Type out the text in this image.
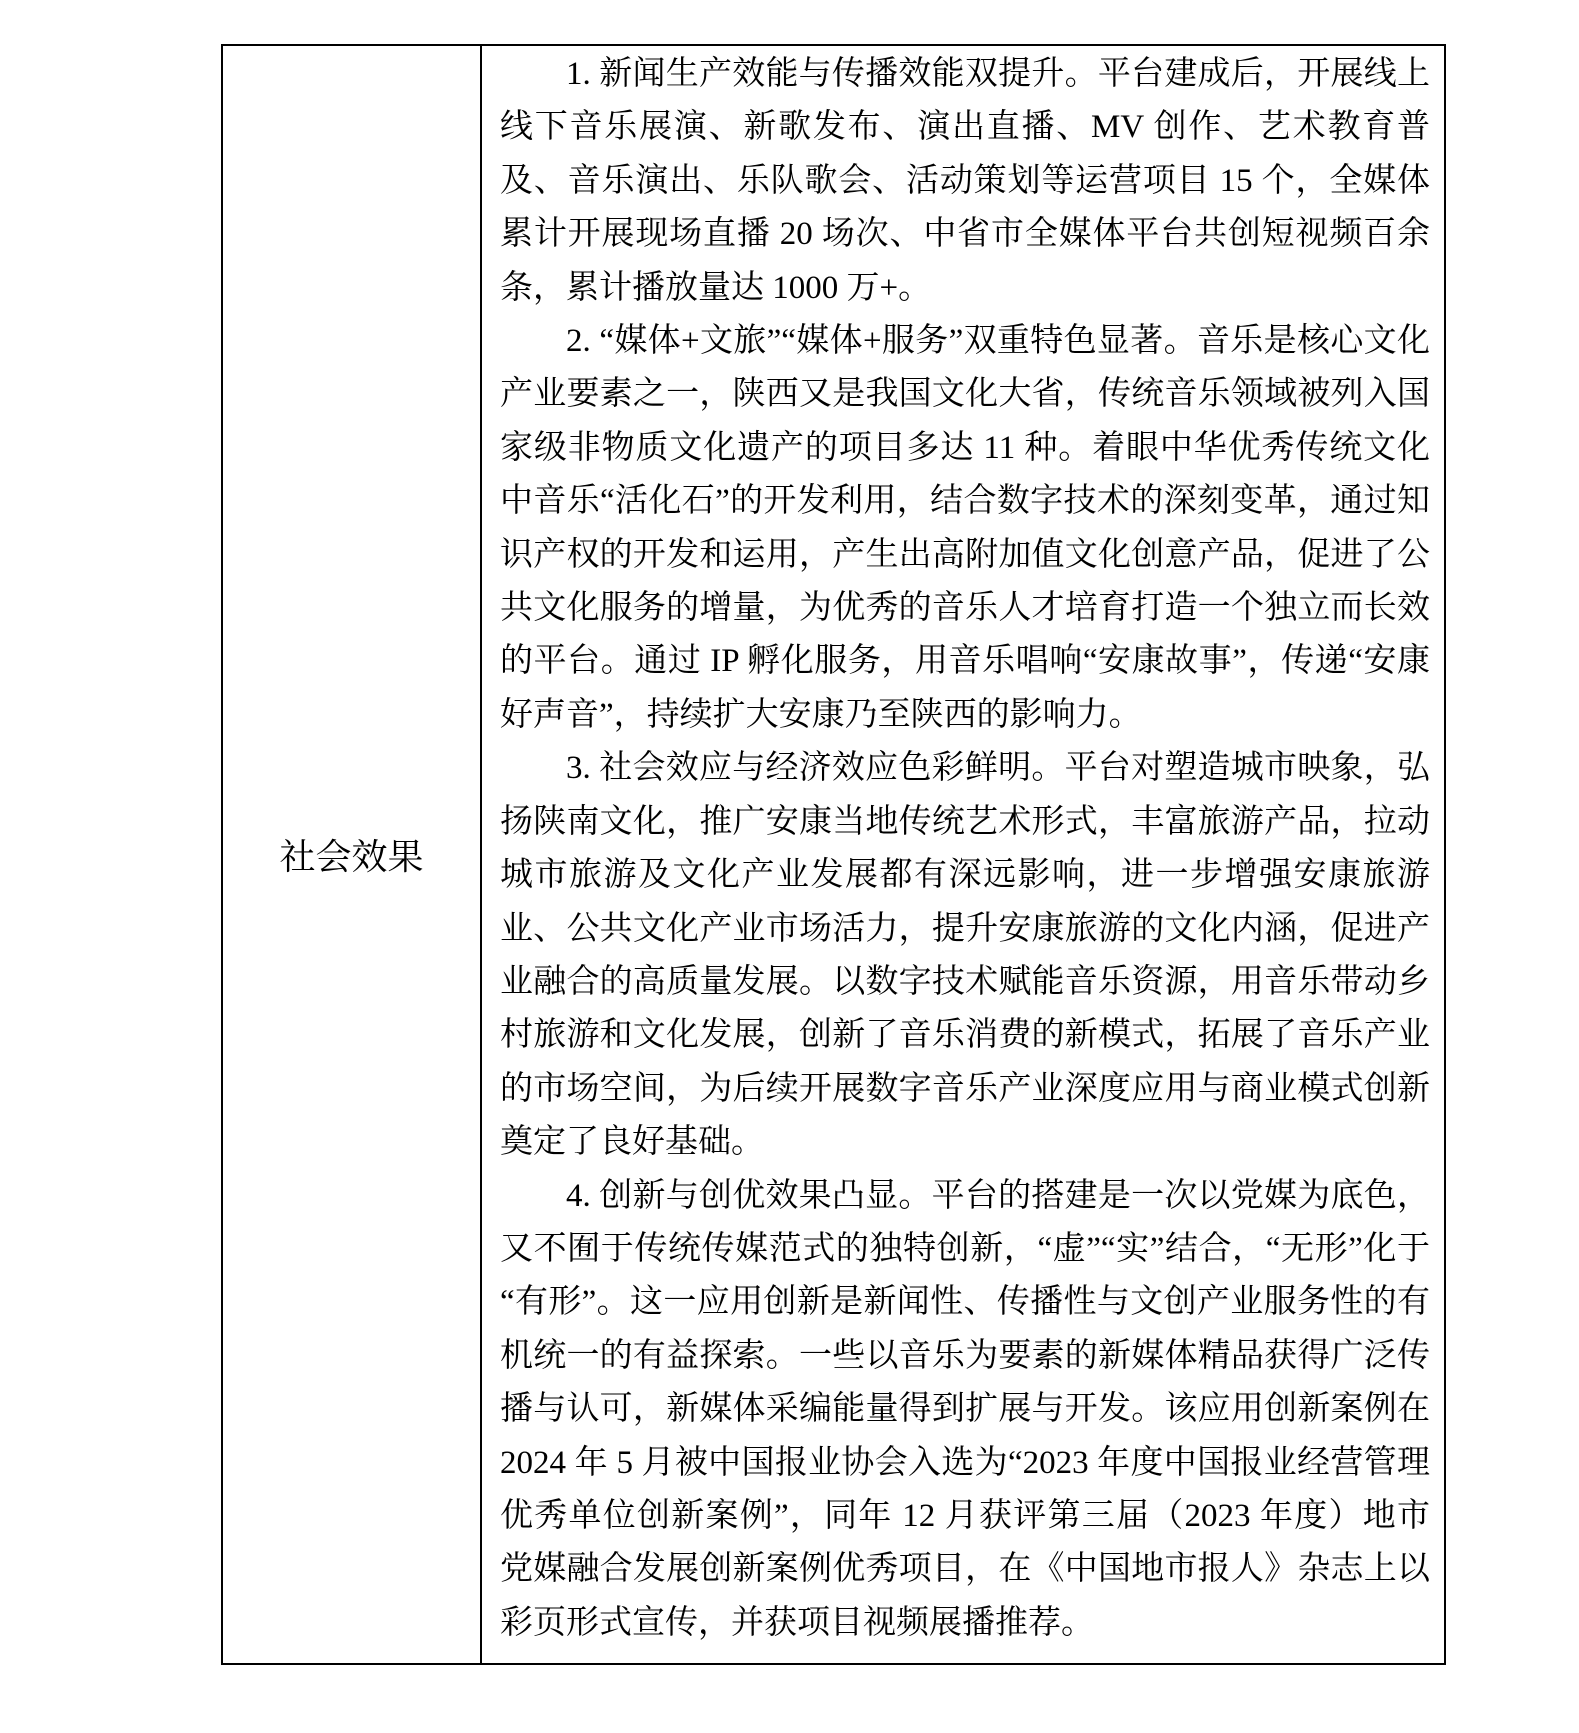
社会效果

1. 新闻生产效能与传播效能双提升。平台建成后，开展线上线下音乐展演、新歌发布、演出直播、MV 创作、艺术教育普及、音乐演出、乐队歌会、活动策划等运营项目 15 个，全媒体累计开展现场直播 20 场次、中省市全媒体平台共创短视频百余条，累计播放量达 1000 万+。

2. “媒体+文旅”“媒体+服务”双重特色显著。音乐是核心文化产业要素之一，陕西又是我国文化大省，传统音乐领域被列入国家级非物质文化遗产的项目多达 11 种。着眼中华优秀传统文化中音乐“活化石”的开发利用，结合数字技术的深刻变革，通过知识产权的开发和运用，产生出高附加值文化创意产品，促进了公共文化服务的增量，为优秀的音乐人才培育打造一个独立而长效的平台。通过 IP 孵化服务，用音乐唱响“安康故事”，传递“安康好声音”，持续扩大安康乃至陕西的影响力。

3. 社会效应与经济效应色彩鲜明。平台对塑造城市映象，弘扬陕南文化，推广安康当地传统艺术形式，丰富旅游产品，拉动城市旅游及文化产业发展都有深远影响，进一步增强安康旅游业、公共文化产业市场活力，提升安康旅游的文化内涵，促进产业融合的高质量发展。以数字技术赋能音乐资源，用音乐带动乡村旅游和文化发展，创新了音乐消费的新模式，拓展了音乐产业的市场空间，为后续开展数字音乐产业深度应用与商业模式创新奠定了良好基础。

4. 创新与创优效果凸显。平台的搭建是一次以党媒为底色，又不囿于传统传媒范式的独特创新，“虚”“实”结合，“无形”化于“有形”。这一应用创新是新闻性、传播性与文创产业服务性的有机统一的有益探索。一些以音乐为要素的新媒体精品获得广泛传播与认可，新媒体采编能量得到扩展与开发。该应用创新案例在 2024 年 5 月被中国报业协会入选为“2023 年度中国报业经营管理优秀单位创新案例”，同年 12 月获评第三届（2023 年度）地市党媒融合发展创新案例优秀项目，在《中国地市报人》杂志上以彩页形式宣传，并获项目视频展播推荐。
